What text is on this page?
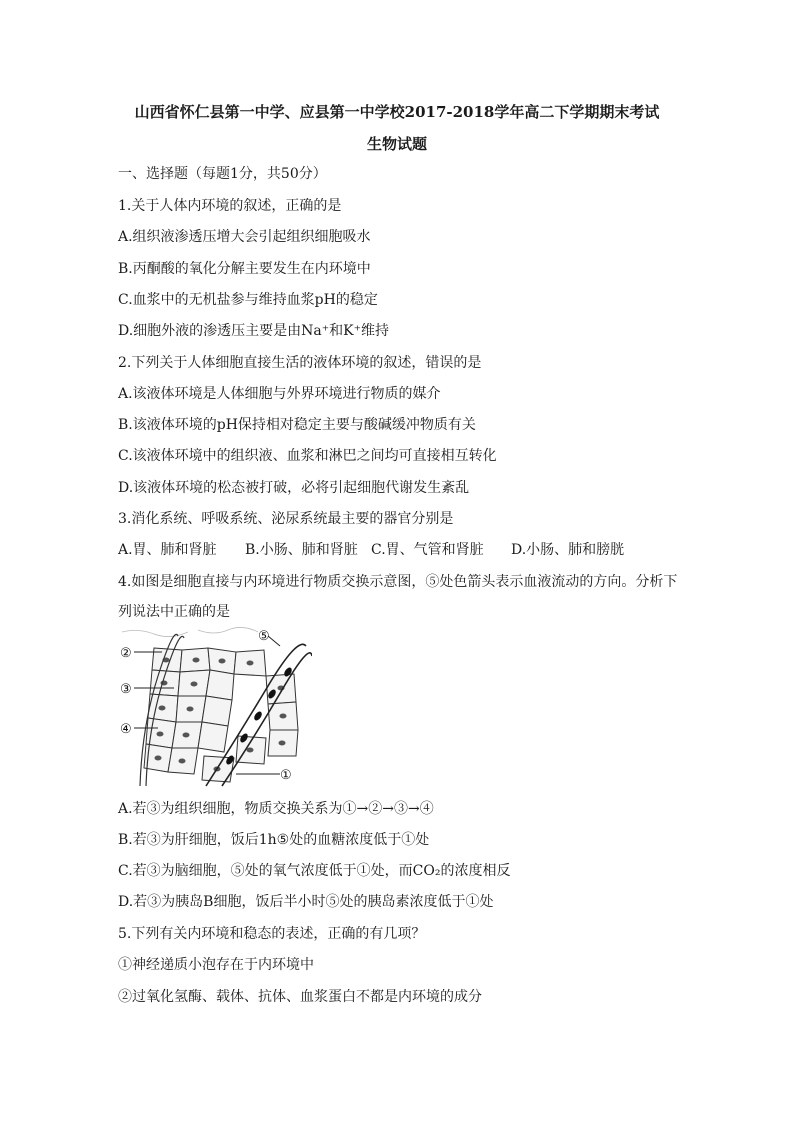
山西省怀仁县第一中学、应县第一中学校2017-2018学年高二下学期期末考试
生物试题
一、选择题（每题1分，共50分）
1.关于人体内环境的叙述，正确的是
A.组织液渗透压增大会引起组织细胞吸水
B.丙酮酸的氧化分解主要发生在内环境中
C.血浆中的无机盐参与维持血浆pH的稳定
D.细胞外液的渗透压主要是由Na⁺和K⁺维持
2.下列关于人体细胞直接生活的液体环境的叙述，错误的是
A.该液体环境是人体细胞与外界环境进行物质的媒介
B.该液体环境的pH保持相对稳定主要与酸碱缓冲物质有关
C.该液体环境中的组织液、血浆和淋巴之间均可直接相互转化
D.该液体环境的松态被打破，必将引起细胞代谢发生紊乱
3.消化系统、呼吸系统、泌尿系统最主要的器官分别是
A.胃、肺和肾脏 B.小肠、肺和肾脏 C.胃、气管和肾脏 D.小肠、肺和膀胱
4.如图是细胞直接与内环境进行物质交换示意图，⑤处色箭头表示血液流动的方向。分析下
列说法中正确的是
②
③
④
⑤
①
A.若③为组织细胞，物质交换关系为①→②→③→④
B.若③为肝细胞，饭后1h⑤处的血糖浓度低于①处
C.若③为脑细胞，⑤处的氧气浓度低于①处，而CO₂的浓度相反
D.若③为胰岛B细胞，饭后半小时⑤处的胰岛素浓度低于①处
5.下列有关内环境和稳态的表述，正确的有几项？
①神经递质小泡存在于内环境中
②过氧化氢酶、载体、抗体、血浆蛋白不都是内环境的成分
